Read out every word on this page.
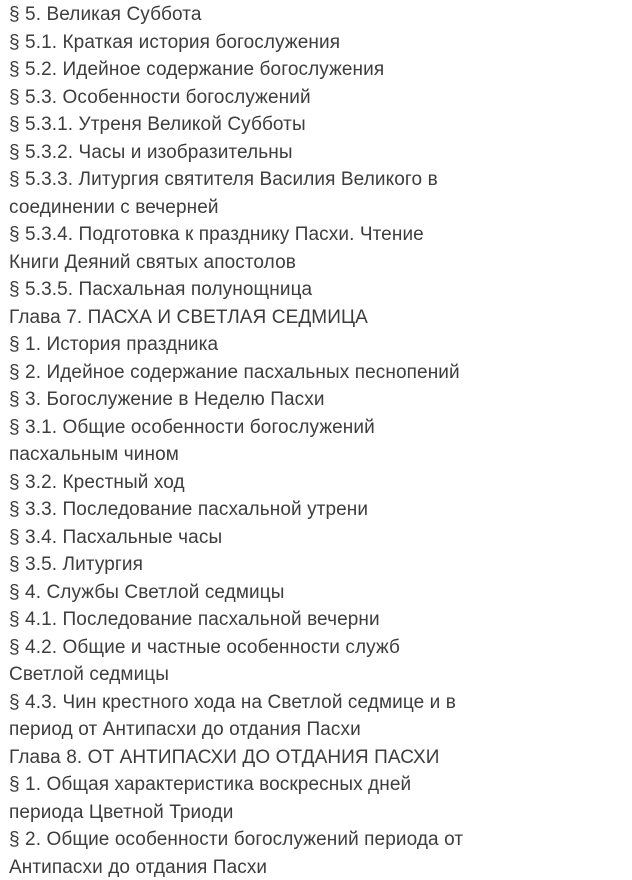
§ 5. Великая Суббота
§ 5.1. Краткая история богослужения
§ 5.2. Идейное содержание богослужения
§ 5.3. Особенности богослужений
§ 5.3.1. Утреня Великой Субботы
§ 5.3.2. Часы и изобразительны
§ 5.3.3. Литургия святителя Василия Великого в
соединении с вечерней
§ 5.3.4. Подготовка к празднику Пасхи. Чтение
Книги Деяний святых апостолов
§ 5.3.5. Пасхальная полунощница
Глава 7. ПАСХА И СВЕТЛАЯ СЕДМИЦА
§ 1. История праздника
§ 2. Идейное содержание пасхальных песнопений
§ 3. Богослужение в Неделю Пасхи
§ 3.1. Общие особенности богослужений
пасхальным чином
§ 3.2. Крестный ход
§ 3.3. Последование пасхальной утрени
§ 3.4. Пасхальные часы
§ 3.5. Литургия
§ 4. Службы Светлой седмицы
§ 4.1. Последование пасхальной вечерни
§ 4.2. Общие и частные особенности служб
Светлой седмицы
§ 4.3. Чин крестного хода на Светлой седмице и в
период от Антипасхи до отдания Пасхи
Глава 8. ОТ АНТИПАСХИ ДО ОТДАНИЯ ПАСХИ
§ 1. Общая характеристика воскресных дней
периода Цветной Триоди
§ 2. Общие особенности богослужений периода от
Антипасхи до отдания Пасхи
